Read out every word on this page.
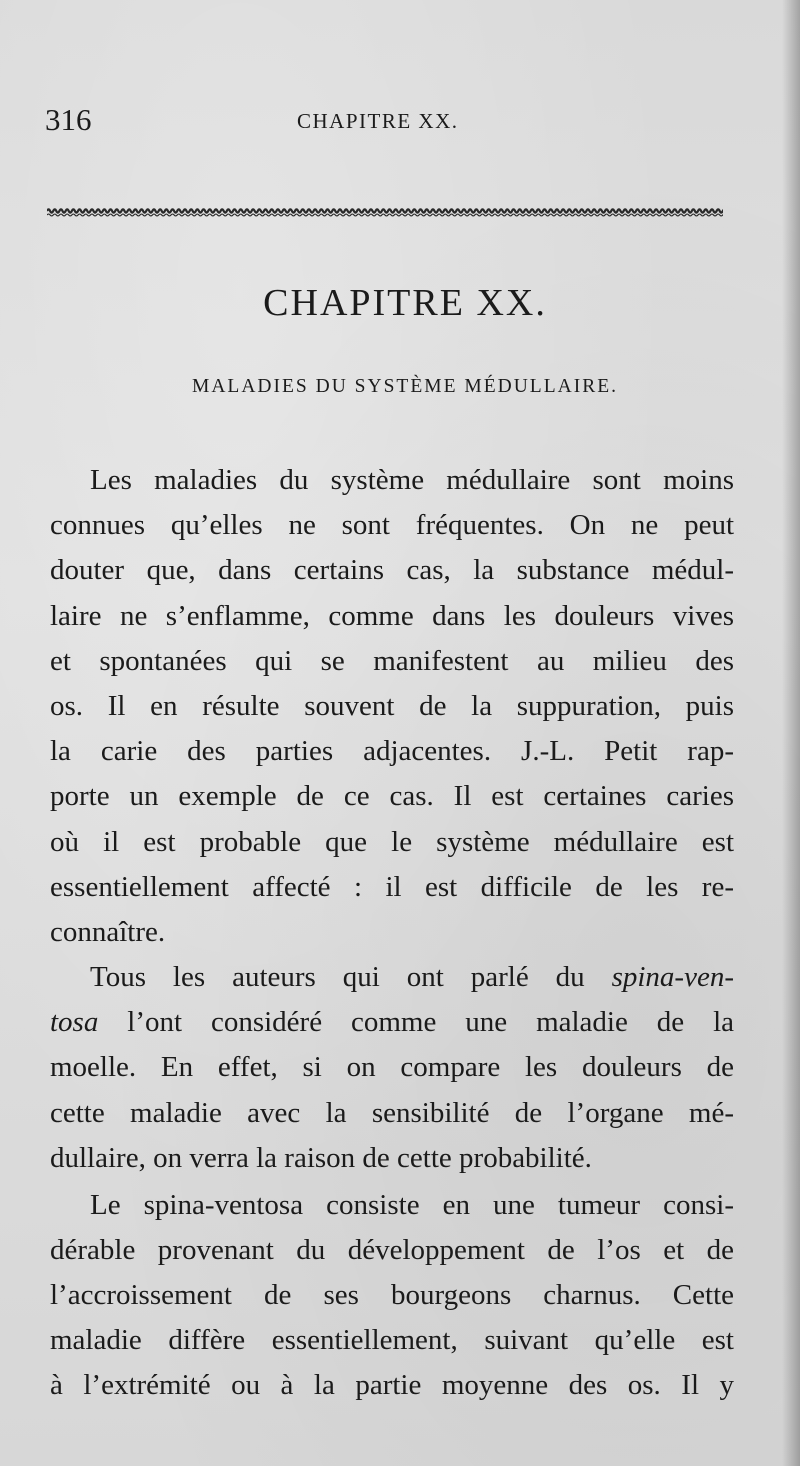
316	CHAPITRE XX.
CHAPITRE XX.
MALADIES DU SYSTÈME MÉDULLAIRE.
Les maladies du système médullaire sont moins
connues qu’elles ne sont fréquentes. On ne peut
douter que, dans certains cas, la substance médul-
laire ne s’enflamme, comme dans les douleurs vives
et spontanées qui se manifestent au milieu des
os. Il en résulte souvent de la suppuration, puis
la carie des parties adjacentes. J.-L. Petit rap-
porte un exemple de ce cas. Il est certaines caries
où il est probable que le système médullaire est
essentiellement affecté : il est difficile de les re-
connaître.
Tous les auteurs qui ont parlé du spina-ven-
tosa l’ont considéré comme une maladie de la
moelle. En effet, si on compare les douleurs de
cette maladie avec la sensibilité de l’organe mé-
dullaire, on verra la raison de cette probabilité.
Le spina-ventosa consiste en une tumeur consi-
dérable provenant du développement de l’os et de
l’accroissement de ses bourgeons charnus. Cette
maladie diffère essentiellement, suivant qu’elle est
à l’extrémité ou à la partie moyenne des os. Il y
